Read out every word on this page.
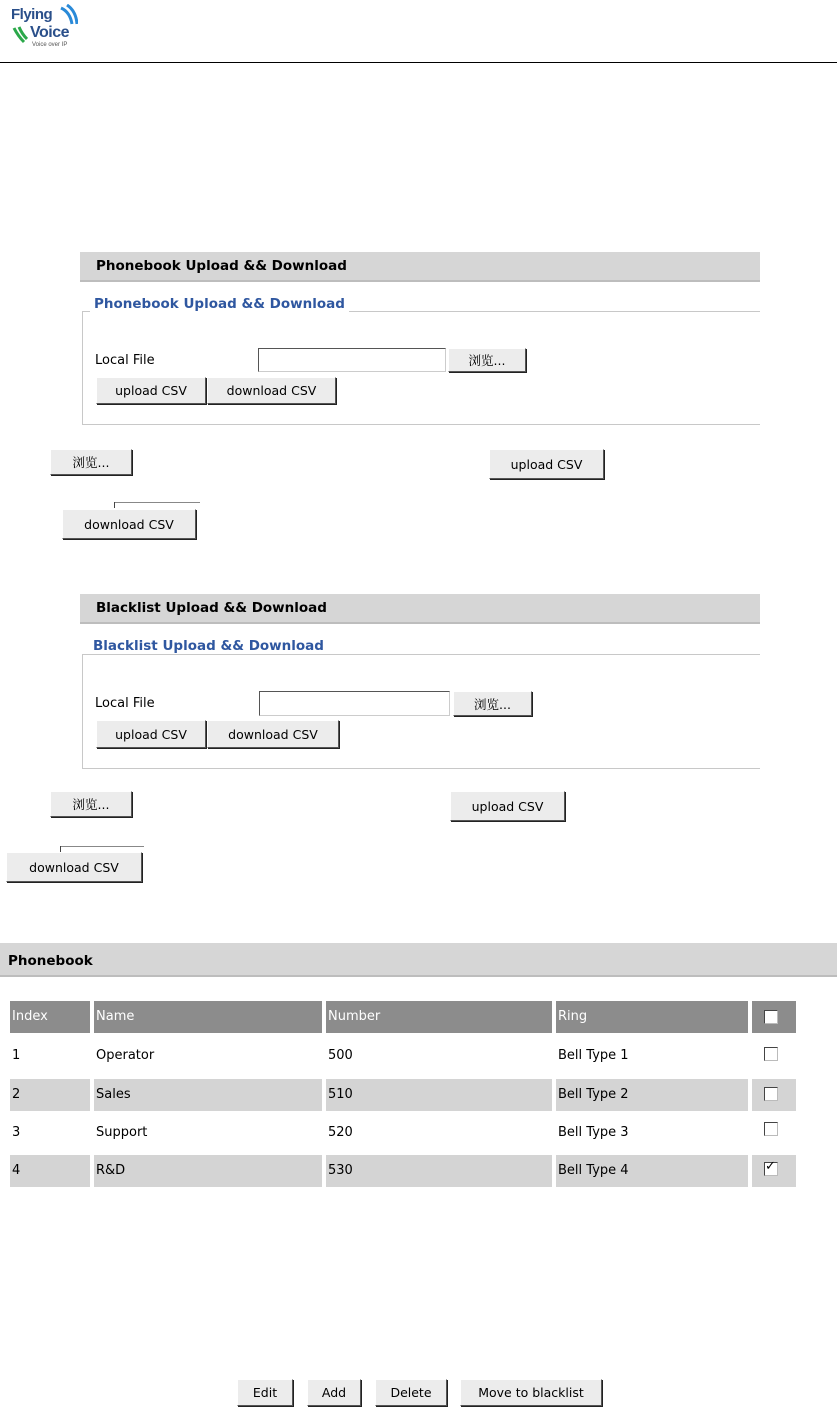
Flying
Voice
Voice over IP
Phonebook Upload && Download
Phonebook Upload && Download
Local File	浏览...
upload CSV	download CSV
浏览...	upload CSV
download CSV
Blacklist Upload && Download
Blacklist Upload && Download
Local File	浏览...
upload CSV	download CSV
浏览...	upload CSV
download CSV
Phonebook
Index	Name	Number	Ring
1	Operator	500	Bell Type 1
2	Sales	510	Bell Type 2
3	Support	520	Bell Type 3
4	R&D	530	Bell Type 4
✓
Edit	Add	Delete	Move to blacklist
